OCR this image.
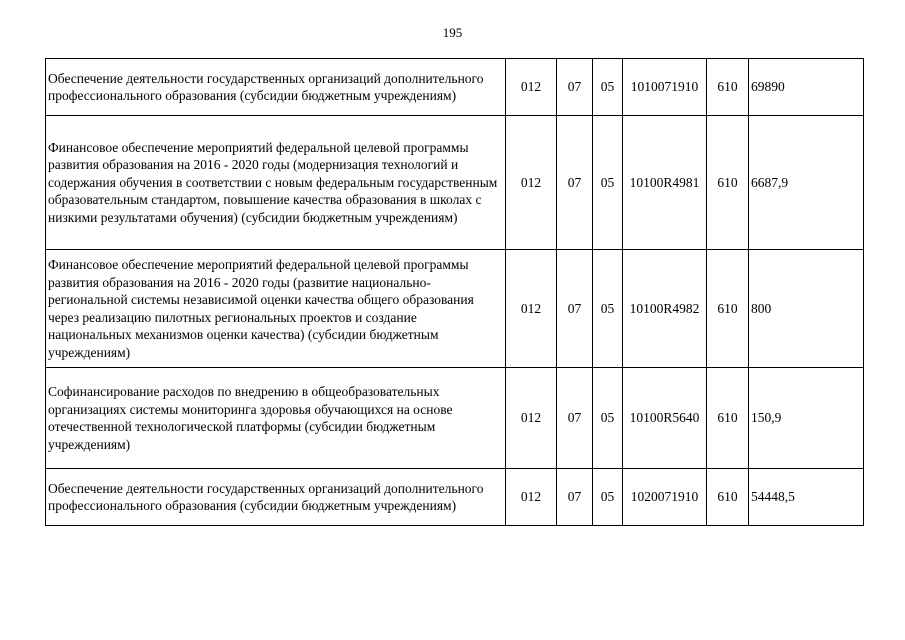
195
Обеспечение деятельности государственных организаций дополнительного профессионального образования (субсидии бюджетным учреждениям)	012	07	05	1010071910	610	69890
Финансовое обеспечение мероприятий федеральной целевой программы развития образования на 2016 - 2020 годы (модернизация технологий и содержания обучения в соответствии с новым федеральным государственным образовательным стандартом, повышение качества образования в школах с низкими результатами обучения) (субсидии бюджетным учреждениям)	012	07	05	10100R4981	610	6687,9
Финансовое обеспечение мероприятий федеральной целевой программы развития образования на 2016 - 2020 годы (развитие национально-региональной системы независимой оценки качества общего образования через реализацию пилотных региональных проектов и создание национальных механизмов оценки качества) (субсидии бюджетным учреждениям)	012	07	05	10100R4982	610	800
Софинансирование расходов по внедрению в общеобразовательных организациях системы мониторинга здоровья обучающихся на основе отечественной технологической платформы (субсидии бюджетным учреждениям)	012	07	05	10100R5640	610	150,9
Обеспечение деятельности государственных организаций дополнительного профессионального образования (субсидии бюджетным учреждениям)	012	07	05	1020071910	610	54448,5
